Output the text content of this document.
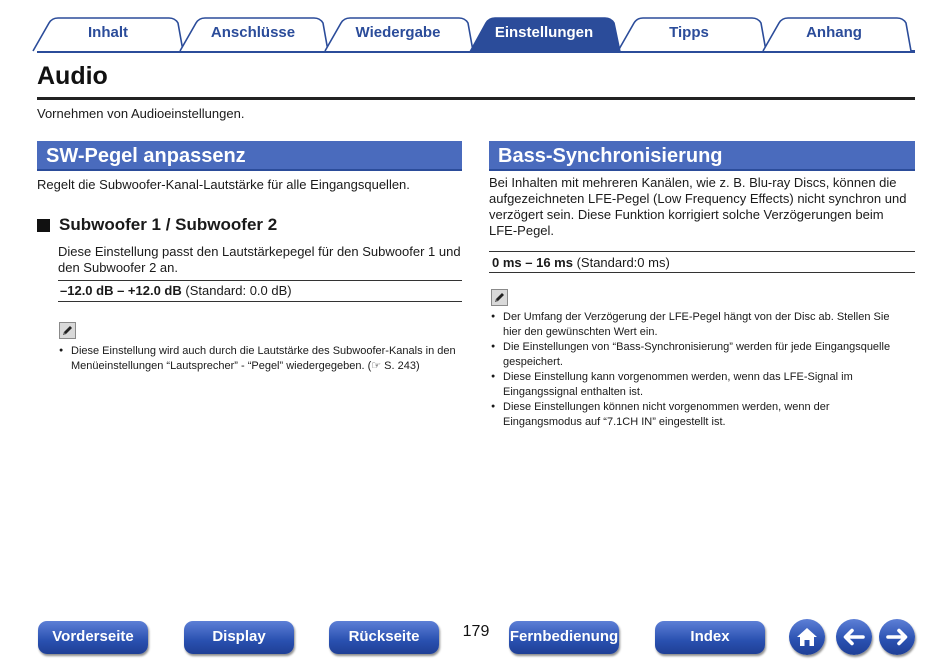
Inhalt	Anschlüsse	Wiedergabe	Einstellungen	Tipps	Anhang
Audio
Vornehmen von Audioeinstellungen.
SW-Pegel anpassenz
Regelt die Subwoofer-Kanal-Lautstärke für alle Eingangsquellen.
Subwoofer 1 / Subwoofer 2
Diese Einstellung passt den Lautstärkepegel für den Subwoofer 1 und den Subwoofer 2 an.
–12.0 dB – +12.0 dB (Standard: 0.0 dB)
● Diese Einstellung wird auch durch die Lautstärke des Subwoofer-Kanals in den Menüeinstellungen “Lautsprecher” - “Pegel” wiedergegeben. (☞ S. 243)
Bass-Synchronisierung
Bei Inhalten mit mehreren Kanälen, wie z. B. Blu-ray Discs, können die aufgezeichneten LFE-Pegel (Low Frequency Effects) nicht synchron und verzögert sein. Diese Funktion korrigiert solche Verzögerungen beim LFE-Pegel.
0 ms – 16 ms (Standard:0 ms)
● Der Umfang der Verzögerung der LFE-Pegel hängt von der Disc ab. Stellen Sie hier den gewünschten Wert ein.
● Die Einstellungen von “Bass-Synchronisierung” werden für jede Eingangsquelle gespeichert.
● Diese Einstellung kann vorgenommen werden, wenn das LFE-Signal im Eingangssignal enthalten ist.
● Diese Einstellungen können nicht vorgenommen werden, wenn der Eingangsmodus auf “7.1CH IN” eingestellt ist.
Vorderseite	Display	Rückseite	179	Fernbedienung	Index
